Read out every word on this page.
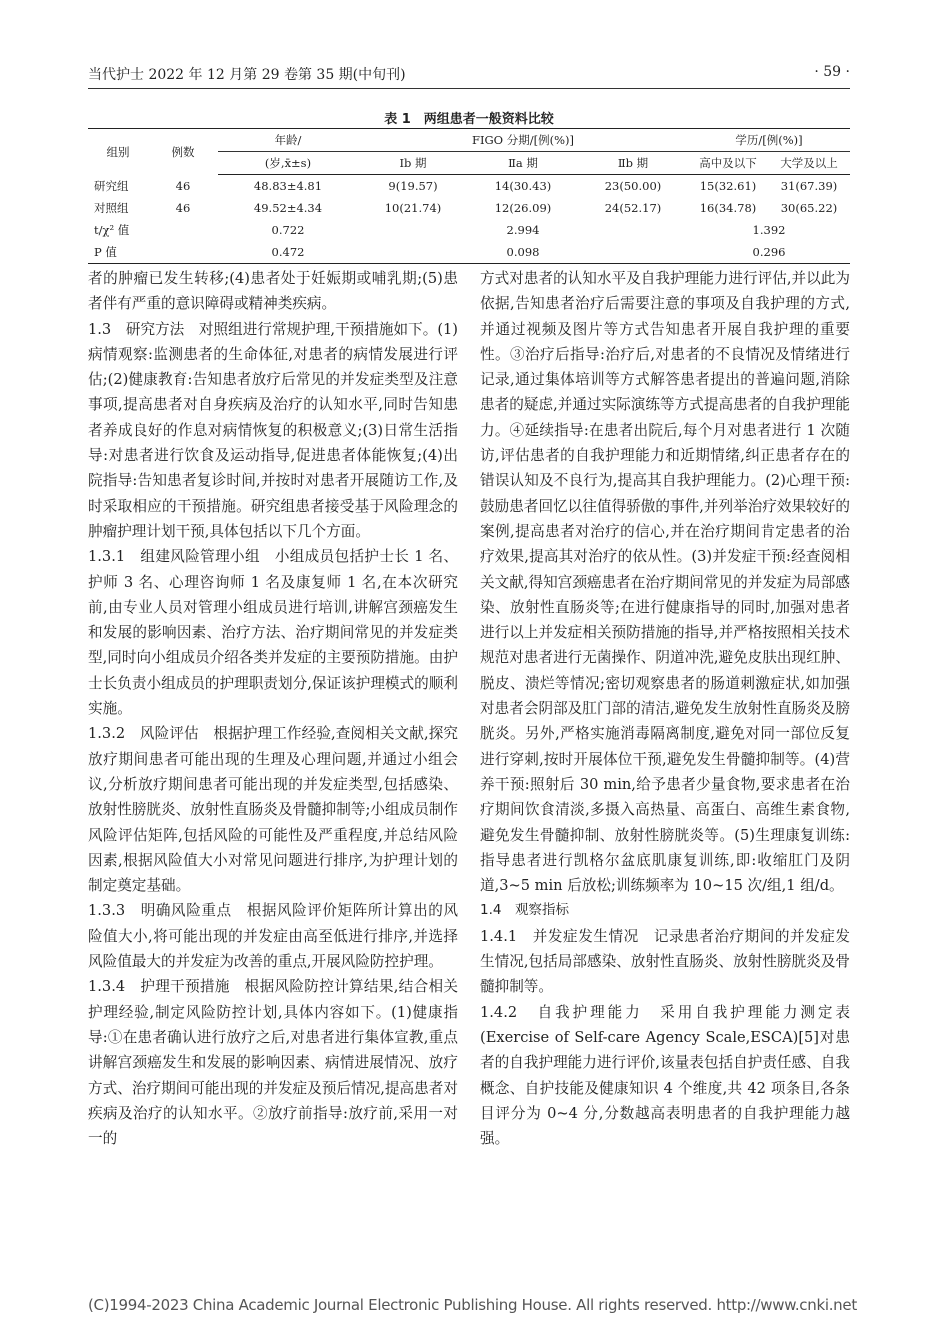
当代护士 2022 年 12 月第 29 卷第 35 期(中旬刊)	· 59 ·
表 1　两组患者一般资料比较
组别	例数	年龄/	FIGO 分期/[例(%)]			学历/[例(%)]	
		(岁,x̄±s)	Ⅰb 期	Ⅱa 期	Ⅱb 期	高中及以下	大学及以上
研究组	46	48.83±4.81	9(19.57)	14(30.43)	23(50.00)	15(32.61)	31(67.39)
对照组	46	49.52±4.34	10(21.74)	12(26.09)	24(52.17)	16(34.78)	30(65.22)
t/χ² 值		0.722	2.994			1.392	
P 值		0.472	0.098			0.296	

者的肿瘤已发生转移;(4)患者处于妊娠期或哺乳期;(5)患者伴有严重的意识障碍或精神类疾病。

1.3　研究方法　对照组进行常规护理,干预措施如下。(1)病情观察:监测患者的生命体征,对患者的病情发展进行评估;(2)健康教育:告知患者放疗后常见的并发症类型及注意事项,提高患者对自身疾病及治疗的认知水平,同时告知患者养成良好的作息对病情恢复的积极意义;(3)日常生活指导:对患者进行饮食及运动指导,促进患者体能恢复;(4)出院指导:告知患者复诊时间,并按时对患者开展随访工作,及时采取相应的干预措施。研究组患者接受基于风险理念的肿瘤护理计划干预,具体包括以下几个方面。

1.3.1　组建风险管理小组　小组成员包括护士长 1 名、护师 3 名、心理咨询师 1 名及康复师 1 名,在本次研究前,由专业人员对管理小组成员进行培训,讲解宫颈癌发生和发展的影响因素、治疗方法、治疗期间常见的并发症类型,同时向小组成员介绍各类并发症的主要预防措施。由护士长负责小组成员的护理职责划分,保证该护理模式的顺利实施。

1.3.2　风险评估　根据护理工作经验,查阅相关文献,探究放疗期间患者可能出现的生理及心理问题,并通过小组会议,分析放疗期间患者可能出现的并发症类型,包括感染、放射性膀胱炎、放射性直肠炎及骨髓抑制等;小组成员制作风险评估矩阵,包括风险的可能性及严重程度,并总结风险因素,根据风险值大小对常见问题进行排序,为护理计划的制定奠定基础。

1.3.3　明确风险重点　根据风险评价矩阵所计算出的风险值大小,将可能出现的并发症由高至低进行排序,并选择风险值最大的并发症为改善的重点,开展风险防控护理。

1.3.4　护理干预措施　根据风险防控计算结果,结合相关护理经验,制定风险防控计划,具体内容如下。(1)健康指导:①在患者确认进行放疗之后,对患者进行集体宣教,重点讲解宫颈癌发生和发展的影响因素、病情进展情况、放疗方式、治疗期间可能出现的并发症及预后情况,提高患者对疾病及治疗的认知水平。②放疗前指导:放疗前,采用一对一的

方式对患者的认知水平及自我护理能力进行评估,并以此为依据,告知患者治疗后需要注意的事项及自我护理的方式,并通过视频及图片等方式告知患者开展自我护理的重要性。③治疗后指导:治疗后,对患者的不良情况及情绪进行记录,通过集体培训等方式解答患者提出的普遍问题,消除患者的疑虑,并通过实际演练等方式提高患者的自我护理能力。④延续指导:在患者出院后,每个月对患者进行 1 次随访,评估患者的自我护理能力和近期情绪,纠正患者存在的错误认知及不良行为,提高其自我护理能力。(2)心理干预:鼓励患者回忆以往值得骄傲的事件,并列举治疗效果较好的案例,提高患者对治疗的信心,并在治疗期间肯定患者的治疗效果,提高其对治疗的依从性。(3)并发症干预:经查阅相关文献,得知宫颈癌患者在治疗期间常见的并发症为局部感染、放射性直肠炎等;在进行健康指导的同时,加强对患者进行以上并发症相关预防措施的指导,并严格按照相关技术规范对患者进行无菌操作、阴道冲洗,避免皮肤出现红肿、脱皮、溃烂等情况;密切观察患者的肠道刺激症状,如加强对患者会阴部及肛门部的清洁,避免发生放射性直肠炎及膀胱炎。另外,严格实施消毒隔离制度,避免对同一部位反复进行穿刺,按时开展体位干预,避免发生骨髓抑制等。(4)营养干预:照射后 30 min,给予患者少量食物,要求患者在治疗期间饮食清淡,多摄入高热量、高蛋白、高维生素食物,避免发生骨髓抑制、放射性膀胱炎等。(5)生理康复训练:指导患者进行凯格尔盆底肌康复训练,即:收缩肛门及阴道,3~5 min 后放松;训练频率为 10~15 次/组,1 组/d。

1.4　观察指标

1.4.1　并发症发生情况　记录患者治疗期间的并发症发生情况,包括局部感染、放射性直肠炎、放射性膀胱炎及骨髓抑制等。

1.4.2　自我护理能力　采用自我护理能力测定表(Exercise of Self-care Agency Scale,ESCA)[5]对患者的自我护理能力进行评价,该量表包括自护责任感、自我概念、自护技能及健康知识 4 个维度,共 42 项条目,各条目评分为 0~4 分,分数越高表明患者的自我护理能力越强。

(C)1994-2023 China Academic Journal Electronic Publishing House. All rights reserved. http://www.cnki.net
